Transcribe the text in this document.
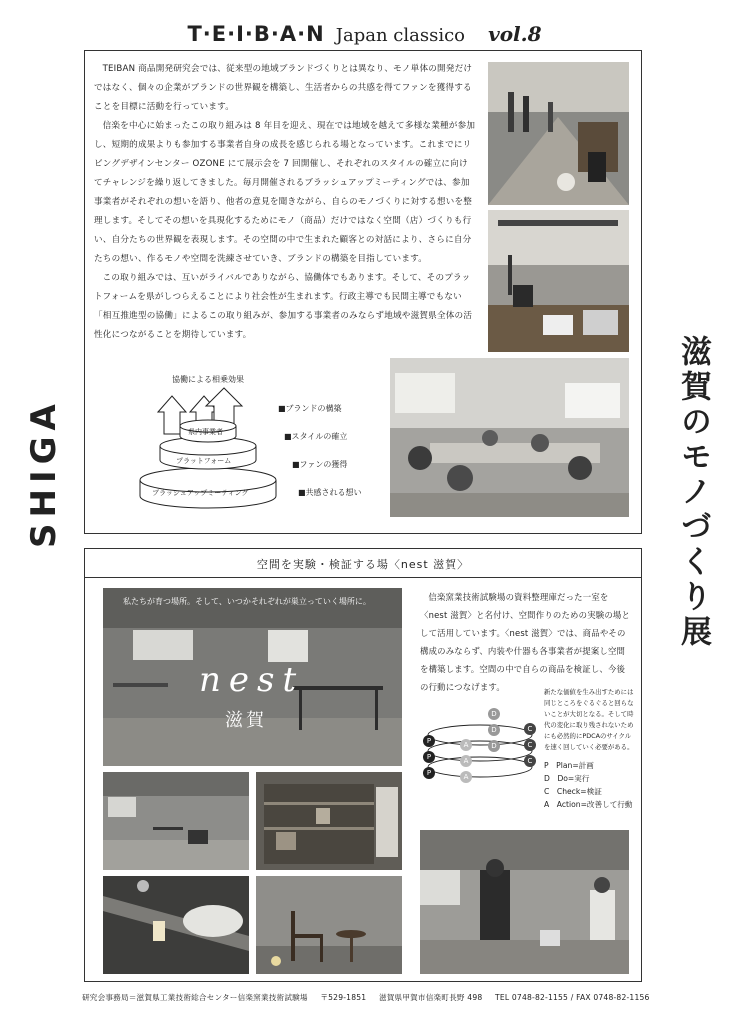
T·E·I·B·A·N Japan classico vol.8
滋賀のモノづくり展
SHIGA

TEIBAN 商品開発研究会では、従来型の地域ブランドづくりとは異なり、モノ単体の開発だけではなく、個々の企業がブランドの世界観を構築し、生活者からの共感を得てファンを獲得することを目標に活動を行っています。

信楽を中心に始まったこの取り組みは 8 年目を迎え、現在では地域を越えて多様な業種が参加し、短期的成果よりも参加する事業者自身の成長を感じられる場となっています。これまでにリビングデザインセンター OZONE にて展示会を 7 回開催し、それぞれのスタイルの確立に向けてチャレンジを繰り返してきました。毎月開催されるブラッシュアップミーティングでは、参加事業者がそれぞれの想いを語り、他者の意見を聞きながら、自らのモノづくりに対する想いを整理します。そしてその想いを具現化するためにモノ（商品）だけではなく空間（店）づくりも行い、自分たちの世界観を表現します。その空間の中で生まれた顧客との対話により、さらに自分たちの想い、作るモノや空間を洗練させていき、ブランドの構築を目指しています。

この取り組みでは、互いがライバルでありながら、協働体でもあります。そして、そのプラットフォームを県がしつらえることにより社会性が生まれます。行政主導でも民間主導でもない「相互推進型の協働」によるこの取り組みが、参加する事業者のみならず地域や滋賀県全体の活性化につながることを期待しています。

協働による相乗効果
県内事業者
プラットフォーム
ブラッシュアップミーティング
■ブランドの構築
■スタイルの確立
■ファンの獲得
■共感される想い
空間を実験・検証する場〈nest 滋賀〉
私たちが育つ場所。そして、いつかそれぞれが巣立っていく場所に。
nest
滋賀

信楽窯業技術試験場の資料整理庫だった一室を〈nest 滋賀〉と名付け、空間作りのための実験の場として活用しています。〈nest 滋賀〉では、商品やその構成のみならず、内装や什器も各事業者が提案し空間を構築します。空間の中で自らの商品を検証し、今後の行動につなげます。

P
P
P
D
D
D
C
C
C
A
A
A
新たな価値を生み出すためには同じところをぐるぐると回らないことが大切となる。そして時代の変化に取り残されないためにも必然的にPDCAのサイクルを速く回していく必要がある。
P　Plan=計画
D　Do=実行
C　Check=検証
A　Action=改善して行動
研究会事務局＝滋賀県工業技術総合センター信楽窯業技術試験場 〒529-1851 滋賀県甲賀市信楽町長野 498 TEL 0748-82-1155 / FAX 0748-82-1156
